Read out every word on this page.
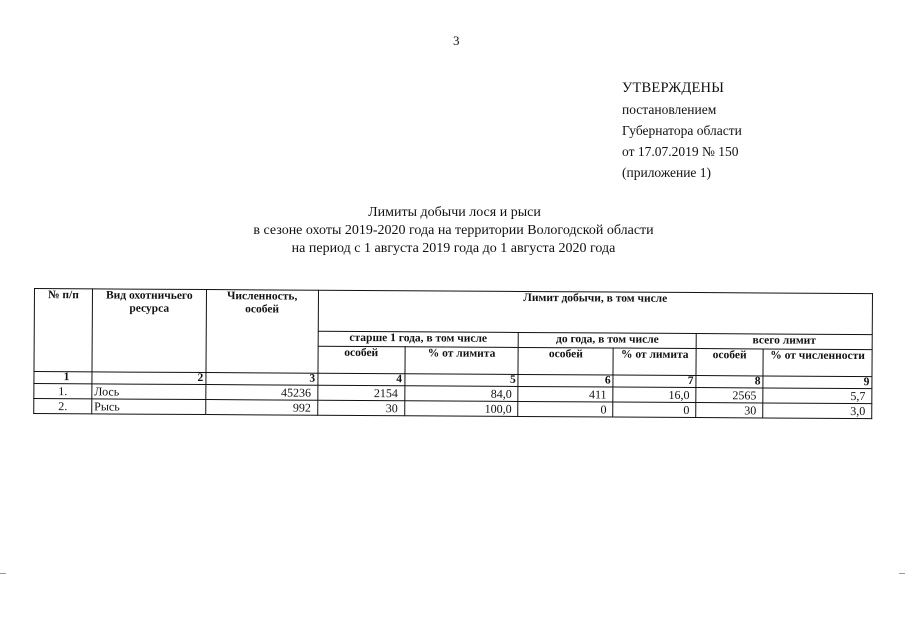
3
УТВЕРЖДЕНЫ
постановлением
Губернатора области
от 17.07.2019 № 150
(приложение 1)
Лимиты добычи лося и рыси
в сезоне охоты 2019-2020 года на территории Вологодской области
на период с 1 августа 2019 года до 1 августа 2020 года
№ п/п	Вид охотничьего ресурса	Численность, особей	Лимит добычи, в том числе					
			старше 1 года, в том числе		до года, в том числе		всего лимит	
			особей	% от лимита	особей	% от лимита	особей	% от численности
1	2	3	4	5	6	7	8	9
1.	Лось	45236	2154	84,0	411	16,0	2565	5,7
2.	Рысь	992	30	100,0	0	0	30	3,0
